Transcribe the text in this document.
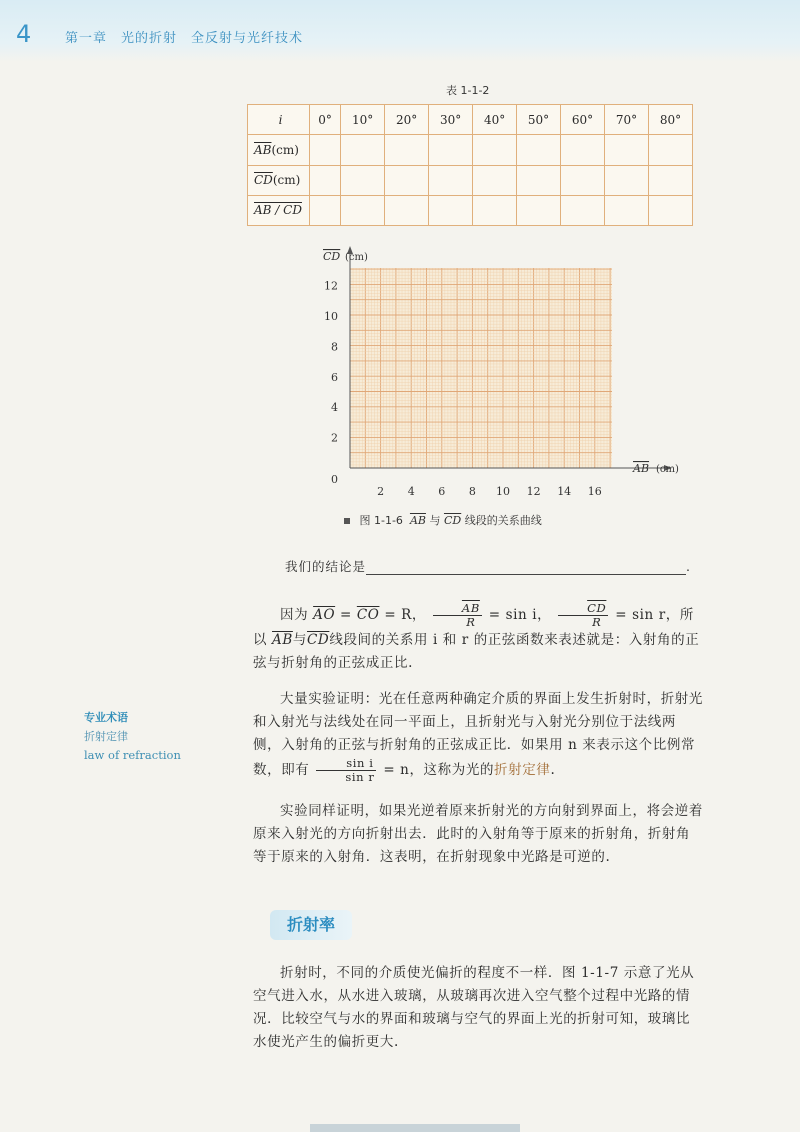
4	第一章　光的折射　全反射与光纤技术
表 1-1-2
i	0°	10°	20°	30°	40°	50°	60°	70°	80°
$\overline{AB}(cm)$									
$\overline{CD}(cm)$									
AB / CD									
2 4 6 8 10 12 14 16
0
2
4
6
8
10
12
CD (cm)
AB (cm)
图 1-1-6 $\overline{AB}$ 与 $\overline{CD}$ 线段的关系曲线
我们的结论是	.
因为 $\overline{AO} = \overline{CO} = R$， $\frac{\overline{AB}}{R} = \sin i$， $\frac{\overline{CD}}{R} = \sin r$，所以 $\overline{AB}$与$\overline{CD}$线段间的关系用 i 和 r 的正弦函数来表述就是：入射角的正弦与折射角的正弦成正比.
大量实验证明：光在任意两种确定介质的界面上发生折射时，折射光和入射光与法线处在同一平面上，且折射光与入射光分别位于法线两侧，入射角的正弦与折射角的正弦成正比．如果用 n 来表示这个比例常数，即有 $\frac{\text{sin i}}{\text{sin r}} = n$，这称为光的折射定律.
实验同样证明，如果光逆着原来折射光的方向射到界面上，将会逆着原来入射光的方向折射出去．此时的入射角等于原来的折射角，折射角等于原来的入射角．这表明，在折射现象中光路是可逆的.
专业术语
折射定律
law of refraction
折射率
折射时，不同的介质使光偏折的程度不一样．图 1-1-7 示意了光从空气进入水，从水进入玻璃，从玻璃再次进入空气整个过程中光路的情况．比较空气与水的界面和玻璃与空气的界面上光的折射可知，玻璃比水使光产生的偏折更大.
